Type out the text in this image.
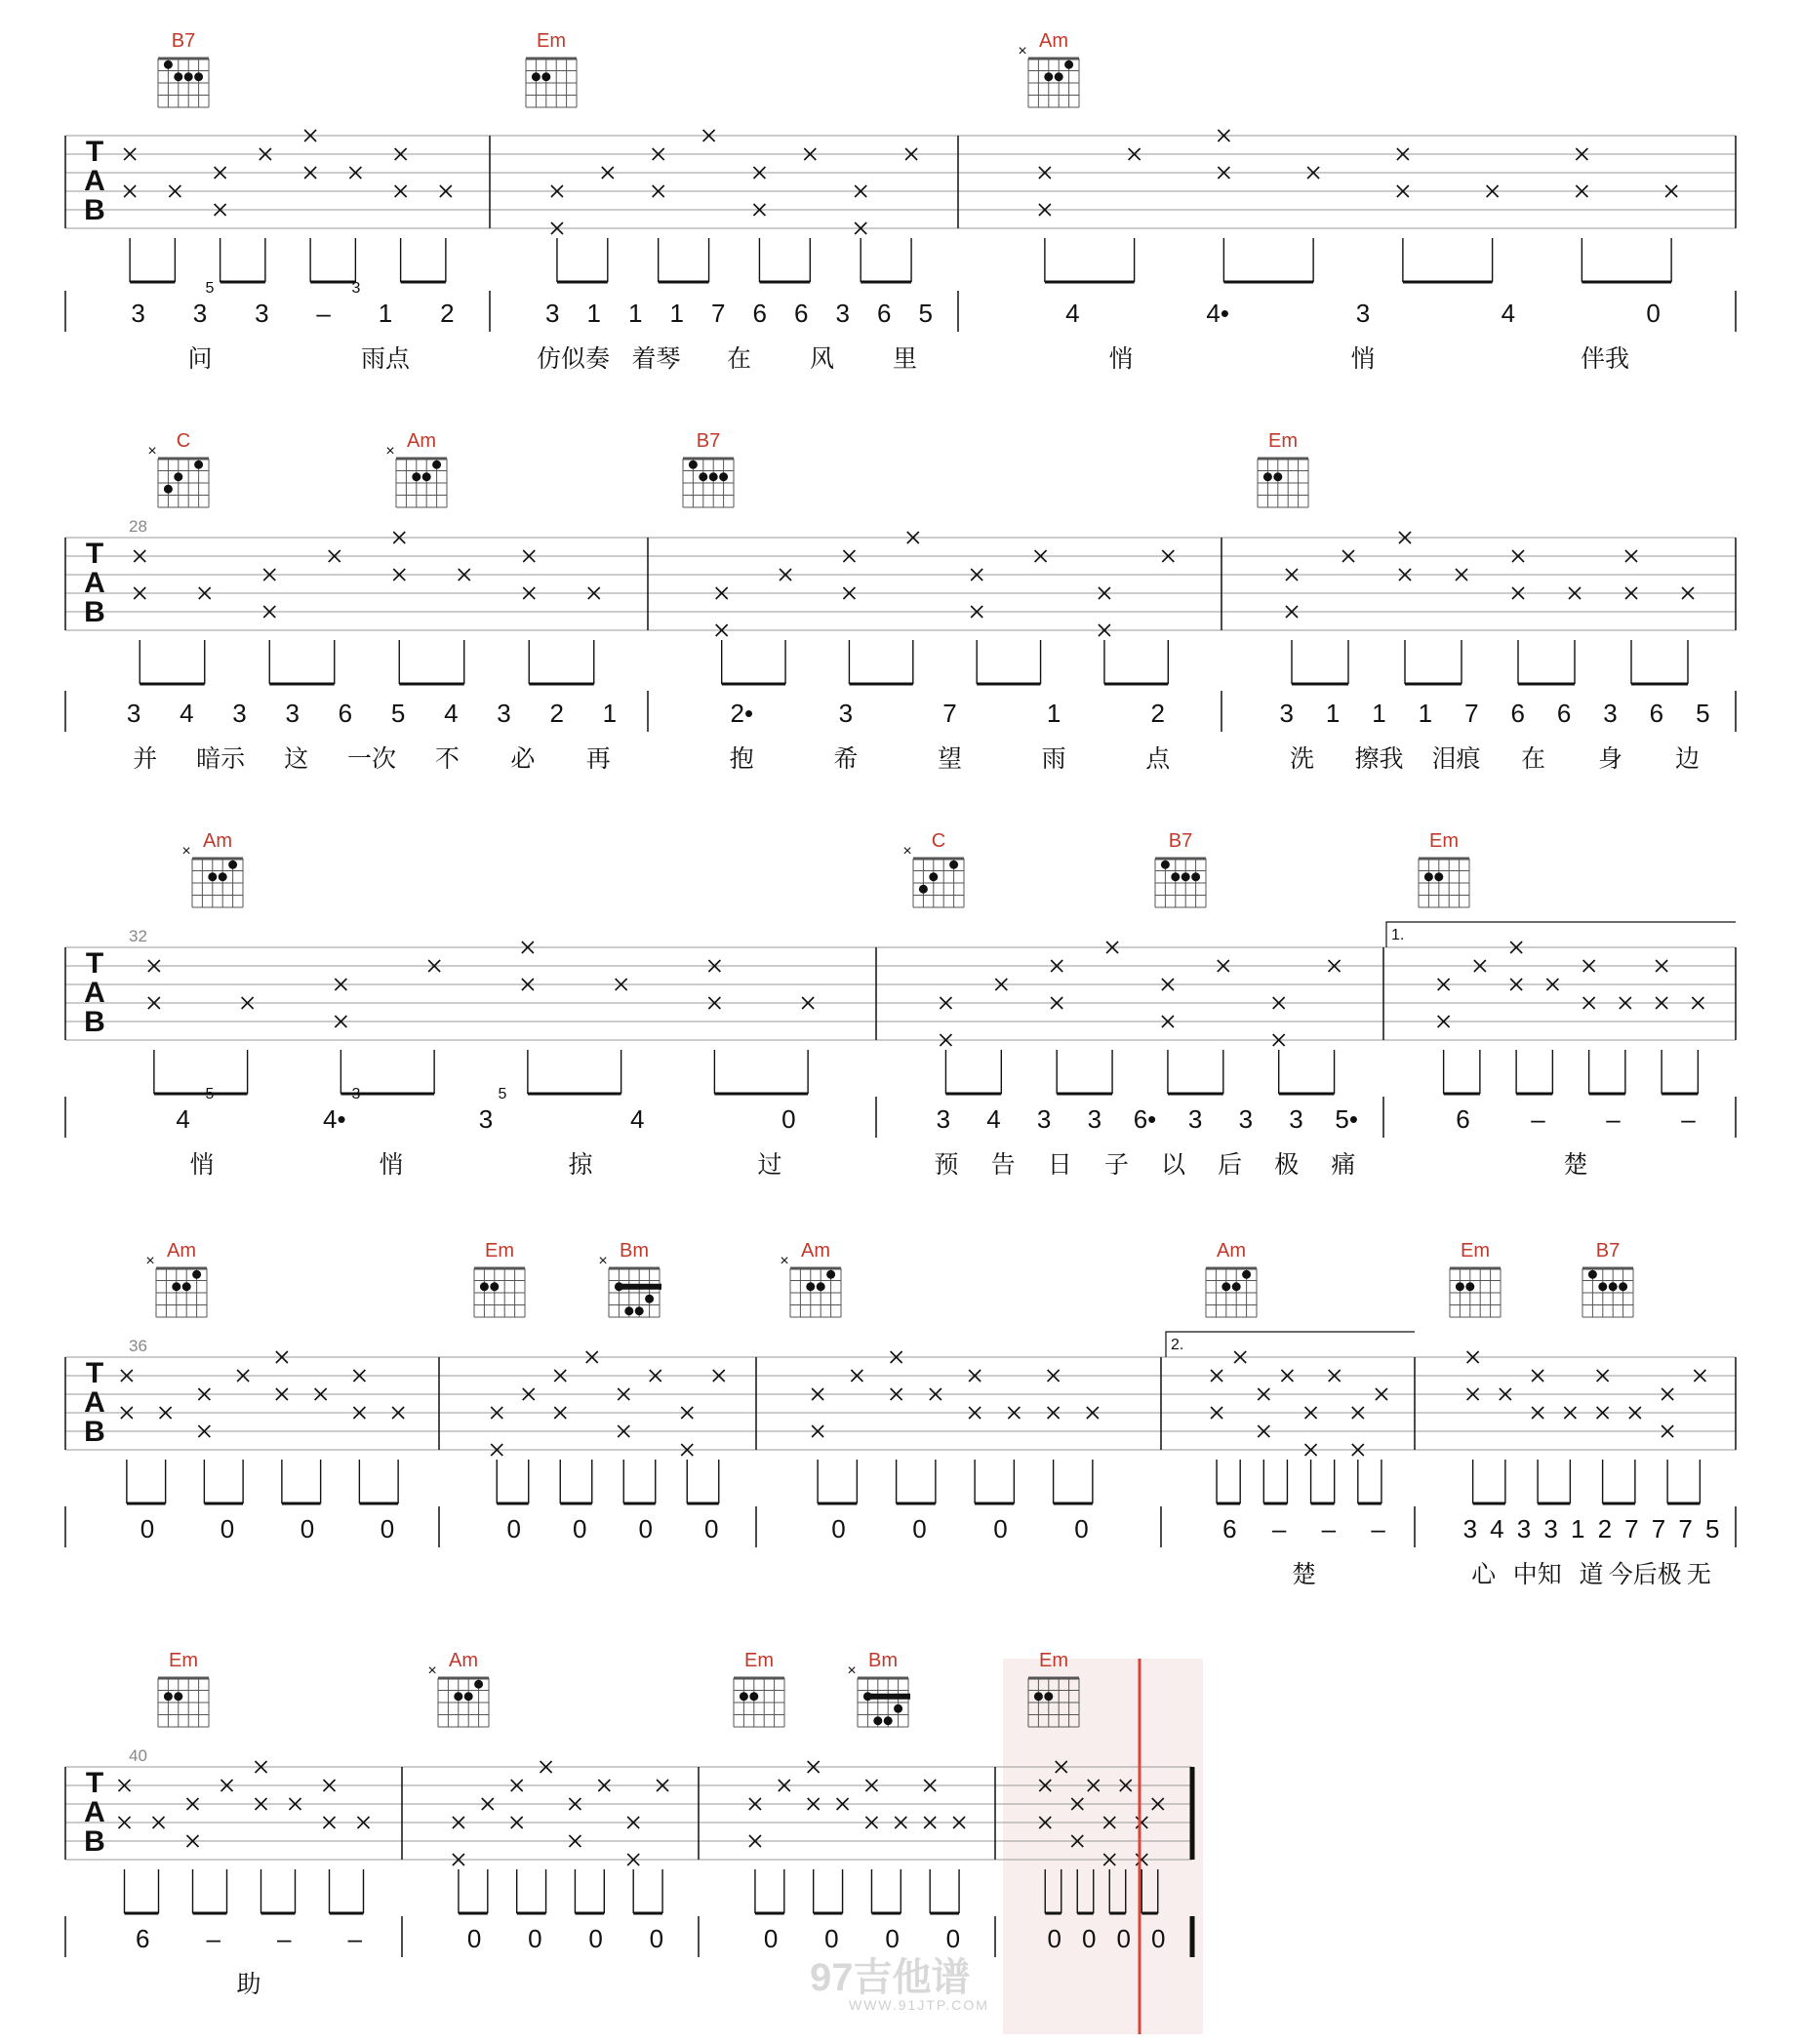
B7	Em	Am
×
T
A
B
3 3 3 – 1 2	3 1 1 1 7 6 6 3 6 5	4	4•	3	4	0
5	3
问	雨点	仿似奏 着琴 在 风 里	悄	悄	伴我
C
×	Am
×	B7	Em
T
A
B
28
3 4 3 3 6 5 4 3 2 1	2•	3	7	1	2	3 1 1 1 7 6 6 3 6 5
并 暗示 这 一次 不 必 再	抱	希	望	雨	点	洗 擦我 泪痕 在 身 边
Am
×	C
×	B7	Em
T
A
B
32	1.
4	4•	3	4	0	3 4 3 3 6• 3 3 3 5•	6 – – –
5	3	5
悄	悄	掠	过	预 告 日 子 以 后 极 痛	楚
Am
×	Em	Bm
×	Am
×	Am	Em	B7
T
A
B
36	2.
0	0	0	0	0 0 0 0	0	0	0	0	6 – – –	3 4 3 3 1 2 7 7 7 5
楚	心 中知 道 今后极 无
Em	Am
×	Em	Bm
×	Em
T
A
B
40
6 – – –	0 0 0 0	0 0 0 0	0 0 0 0
助	97吉他谱
WWW.91JTP.COM
